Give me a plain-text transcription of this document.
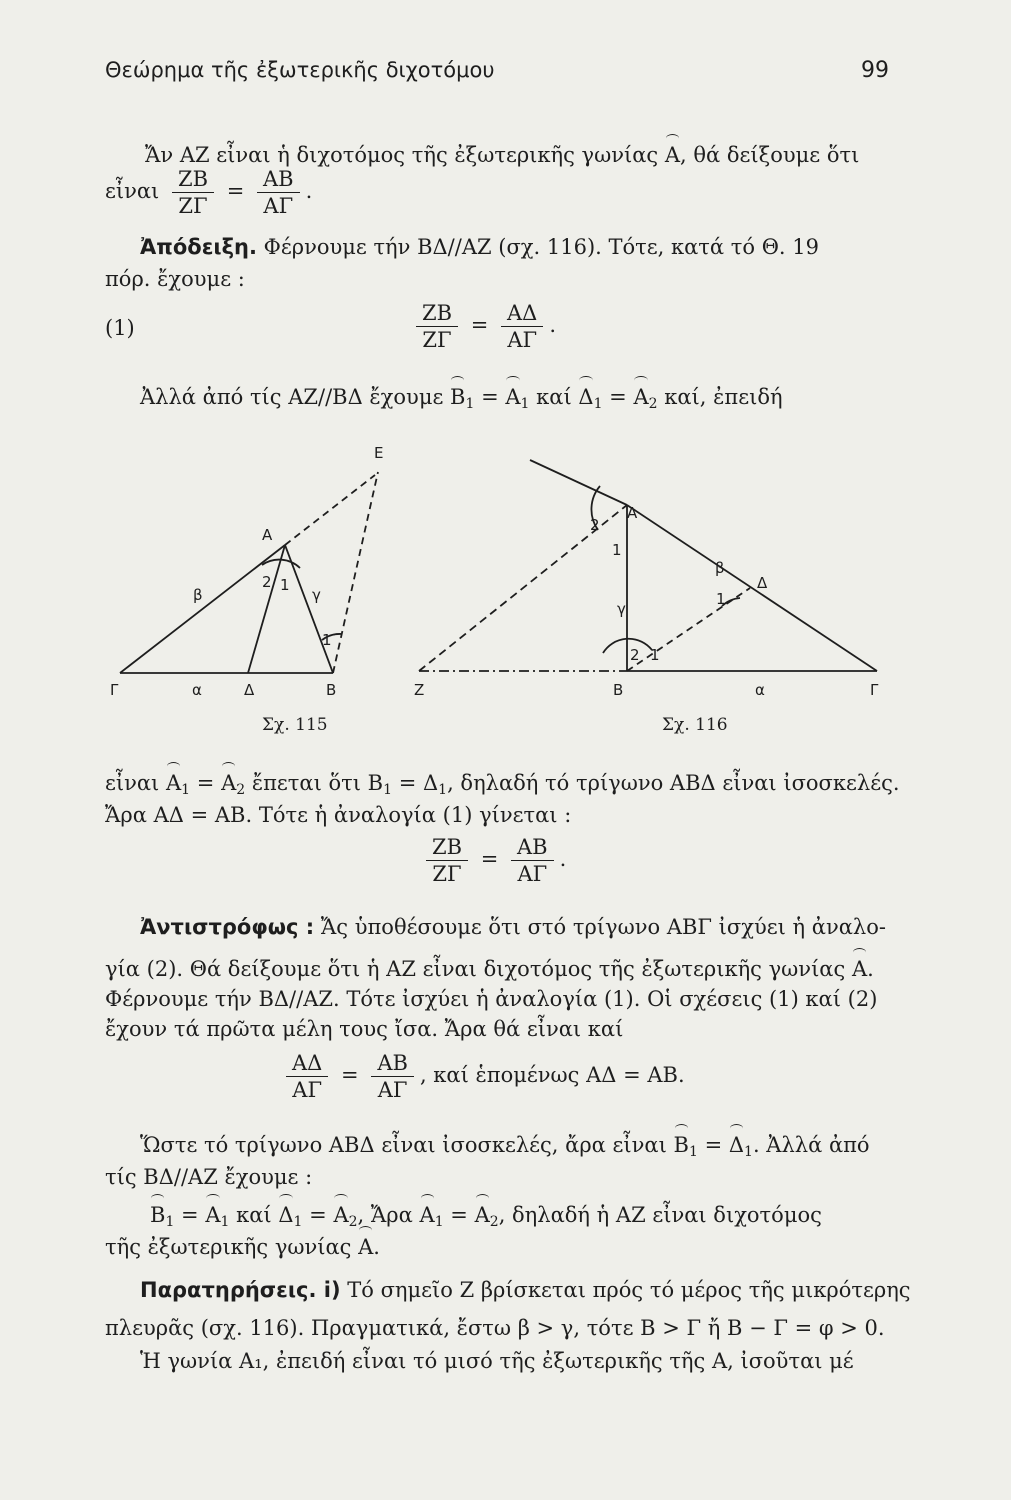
Θεώρημα τῆς ἐξωτερικῆς διχοτόμου	99
Ἄν ΑΖ εἶναι ἡ διχοτόμος τῆς ἐξωτερικῆς γωνίας Α, θά δείξουμε ὅτι
εἶναι $\frac{ZB}{Z\Gamma} = \frac{AB}{A\Gamma}$ .
Ἀπόδειξη. Φέρνουμε τήν ΒΔ//ΑΖ (σχ. 116). Τότε, κατά τό Θ. 19
πόρ. ἔχουμε :
(1)	$\frac{ZB}{Z\Gamma} = \frac{A\Delta}{A\Gamma}$ .
Ἀλλά ἀπό τίς ΑΖ//ΒΔ ἔχουμε $B_1 = A_1$ καί $\Delta_1 = A_2$ καί, ἐπειδή
Ε
Α
β	γ
2 1
1
Γ	α	Δ	Β	Ζ
Α
2
1
β
γ
Δ
1
2 1
Β	α	Γ
Σχ. 115	Σχ. 116
εἶναι $A_1 = A_2$ ἔπεται ὅτι $B_1 = \Delta_1$, δηλαδή τό τρίγωνο ΑΒΔ εἶναι ἰσοσκελές.
Ἄρα ΑΔ = ΑΒ. Τότε ἡ ἀναλογία (1) γίνεται :
$\frac{ZB}{Z\Gamma} = \frac{AB}{A\Gamma}$ .
Ἀντιστρόφως : Ἄς ὑποθέσουμε ὅτι στό τρίγωνο ΑΒΓ ἰσχύει ἡ ἀναλο-
γία (2). Θά δείξουμε ὅτι ἡ ΑΖ εἶναι διχοτόμος τῆς ἐξωτερικῆς γωνίας Α.
Φέρνουμε τήν ΒΔ//ΑΖ. Τότε ἰσχύει ἡ ἀναλογία (1). Οἱ σχέσεις (1) καί (2)
ἔχουν τά πρῶτα μέλη τους ἴσα. Ἄρα θά εἶναι καί
$\frac{A\Delta}{A\Gamma} = \frac{AB}{A\Gamma}$ , καί ἑπομένως ΑΔ = ΑΒ.
Ὥστε τό τρίγωνο ΑΒΔ εἶναι ἰσοσκελές, ἄρα εἶναι $B_1 = \Delta_1$. Ἀλλά ἀπό
τίς ΒΔ//ΑΖ ἔχουμε :
$B_1 = A_1$ καί $\Delta_1 = A_2$, Ἄρα $A_1 = A_2$, δηλαδή ἡ ΑΖ εἶναι διχοτόμος
τῆς ἐξωτερικῆς γωνίας Α.
Παρατηρήσεις. i) Τό σημεῖο Ζ βρίσκεται πρός τό μέρος τῆς μικρότερης
πλευρᾶς (σχ. 116). Πραγματικά, ἔστω β > γ, τότε Β > Γ ἤ Β − Γ = φ > 0.
Ἡ γωνία Α₁, ἐπειδή εἶναι τό μισό τῆς ἐξωτερικῆς τῆς Α, ἰσοῦται μέ
